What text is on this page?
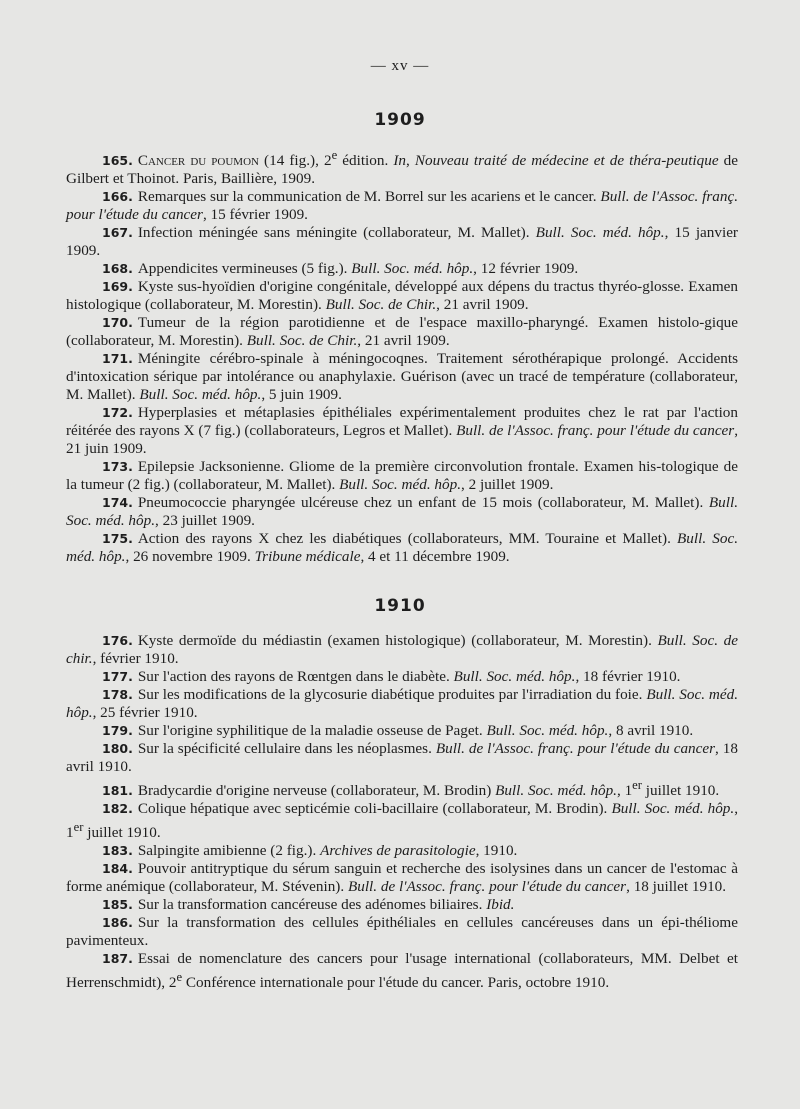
— xv —
1909

165. Cancer du poumon (14 fig.), 2e édition. In, Nouveau traité de médecine et de théra-peutique de Gilbert et Thoinot. Paris, Baillière, 1909.

166. Remarques sur la communication de M. Borrel sur les acariens et le cancer. Bull. de l'Assoc. franç. pour l'étude du cancer, 15 février 1909.

167. Infection méningée sans méningite (collaborateur, M. Mallet). Bull. Soc. méd. hôp., 15 janvier 1909.

168. Appendicites vermineuses (5 fig.). Bull. Soc. méd. hôp., 12 février 1909.

169. Kyste sus-hyoïdien d'origine congénitale, développé aux dépens du tractus thyréo-glosse. Examen histologique (collaborateur, M. Morestin). Bull. Soc. de Chir., 21 avril 1909.

170. Tumeur de la région parotidienne et de l'espace maxillo-pharyngé. Examen histolo-gique (collaborateur, M. Morestin). Bull. Soc. de Chir., 21 avril 1909.

171. Méningite cérébro-spinale à méningocoqnes. Traitement sérothérapique prolongé. Accidents d'intoxication sérique par intolérance ou anaphylaxie. Guérison (avec un tracé de température (collaborateur, M. Mallet). Bull. Soc. méd. hôp., 5 juin 1909.

172. Hyperplasies et métaplasies épithéliales expérimentalement produites chez le rat par l'action réitérée des rayons X (7 fig.) (collaborateurs, Legros et Mallet). Bull. de l'Assoc. franç. pour l'étude du cancer, 21 juin 1909.

173. Epilepsie Jacksonienne. Gliome de la première circonvolution frontale. Examen his-tologique de la tumeur (2 fig.) (collaborateur, M. Mallet). Bull. Soc. méd. hôp., 2 juillet 1909.

174. Pneumococcie pharyngée ulcéreuse chez un enfant de 15 mois (collaborateur, M. Mallet). Bull. Soc. méd. hôp., 23 juillet 1909.

175. Action des rayons X chez les diabétiques (collaborateurs, MM. Touraine et Mallet). Bull. Soc. méd. hôp., 26 novembre 1909. Tribune médicale, 4 et 11 décembre 1909.

1910

176. Kyste dermoïde du médiastin (examen histologique) (collaborateur, M. Morestin). Bull. Soc. de chir., février 1910.

177. Sur l'action des rayons de Rœntgen dans le diabète. Bull. Soc. méd. hôp., 18 février 1910.

178. Sur les modifications de la glycosurie diabétique produites par l'irradiation du foie. Bull. Soc. méd. hôp., 25 février 1910.

179. Sur l'origine syphilitique de la maladie osseuse de Paget. Bull. Soc. méd. hôp., 8 avril 1910.

180. Sur la spécificité cellulaire dans les néoplasmes. Bull. de l'Assoc. franç. pour l'étude du cancer, 18 avril 1910.

181. Bradycardie d'origine nerveuse (collaborateur, M. Brodin) Bull. Soc. méd. hôp., 1er juillet 1910.

182. Colique hépatique avec septicémie coli-bacillaire (collaborateur, M. Brodin). Bull. Soc. méd. hôp., 1er juillet 1910.

183. Salpingite amibienne (2 fig.). Archives de parasitologie, 1910.

184. Pouvoir antitryptique du sérum sanguin et recherche des isolysines dans un cancer de l'estomac à forme anémique (collaborateur, M. Stévenin). Bull. de l'Assoc. franç. pour l'étude du cancer, 18 juillet 1910.

185. Sur la transformation cancéreuse des adénomes biliaires. Ibid.

186. Sur la transformation des cellules épithéliales en cellules cancéreuses dans un épi-théliome pavimenteux.

187. Essai de nomenclature des cancers pour l'usage international (collaborateurs, MM. Delbet et Herrenschmidt), 2e Conférence internationale pour l'étude du cancer. Paris, octobre 1910.
